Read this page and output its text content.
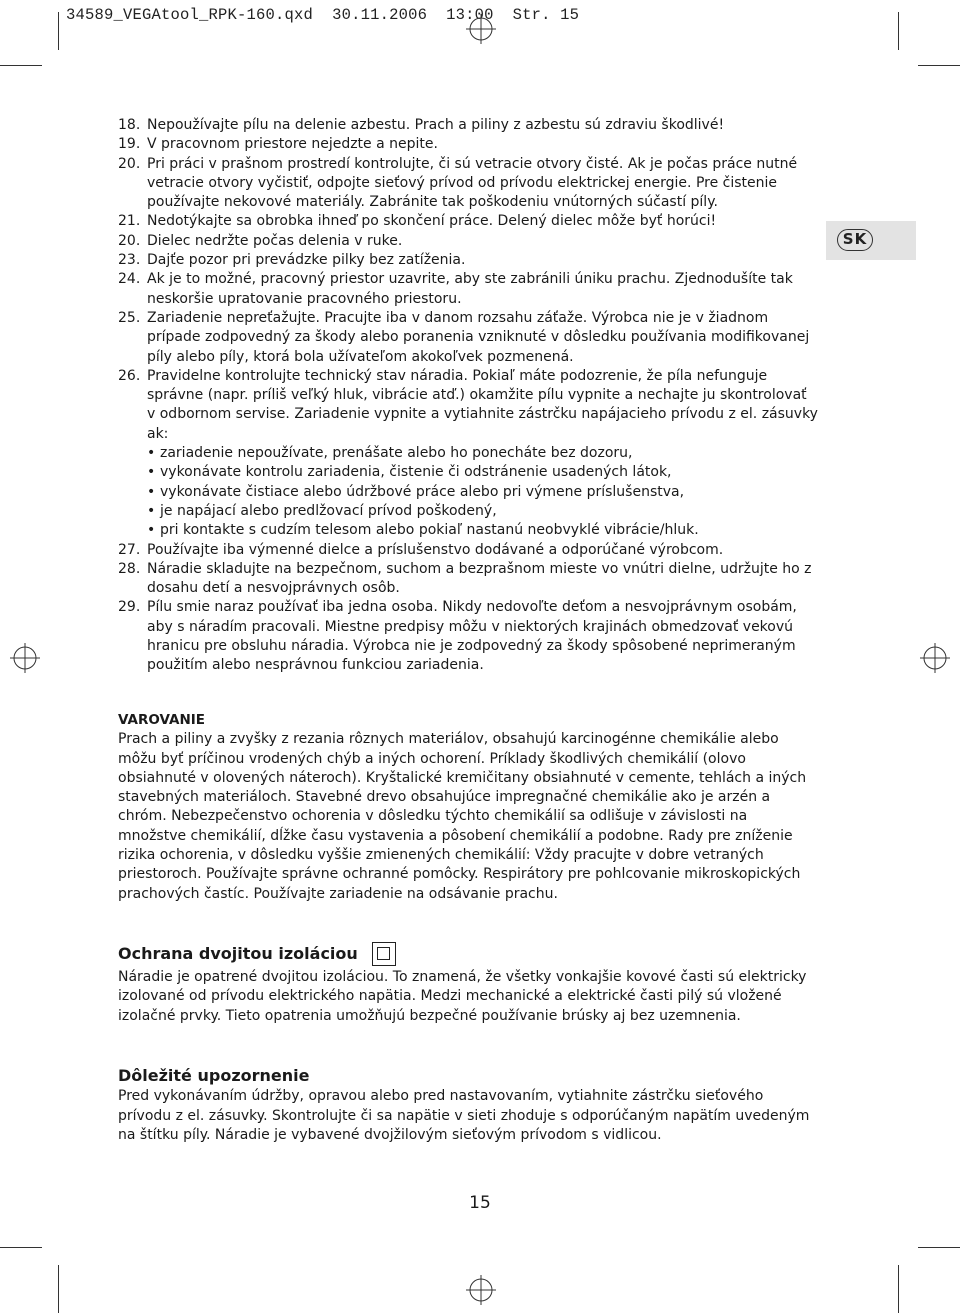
34589_VEGAtool_RPK-160.qxd 30.11.2006 13:00 Str. 15
SK

18. Nepoužívajte pílu na delenie azbestu. Prach a piliny z azbestu sú zdraviu škodlivé!

19. V pracovnom priestore nejedzte a nepite.

20. Pri práci v prašnom prostredí kontrolujte, či sú vetracie otvory čisté. Ak je počas práce nutné vetracie otvory vyčistiť, odpojte sieťový prívod od prívodu elektrickej energie. Pre čistenie používajte nekovové materiály. Zabránite tak poškodeniu vnútorných súčastí píly.

21. Nedotýkajte sa obrobka ihneď po skončení práce. Delený dielec môže byť horúci!

20. Dielec nedržte počas delenia v ruke.

23. Dajťe pozor pri prevádzke pilky bez zatíženia.

24. Ak je to možné, pracovný priestor uzavrite, aby ste zabránili úniku prachu. Zjednodušíte tak neskoršie upratovanie pracovného priestoru.

25. Zariadenie nepreťažujte. Pracujte iba v danom rozsahu záťaže. Výrobca nie je v žiadnom prípade zodpovedný za škody alebo poranenia vzniknuté v dôsledku používania modifikovanej píly alebo píly, ktorá bola užívateľom akokoľvek pozmenená.

26. Pravidelne kontrolujte technický stav náradia. Pokiaľ máte podozrenie, že píla nefunguje správne (napr. príliš veľký hluk, vibrácie atď.) okamžite pílu vypnite a nechajte ju skontrolovať v odbornom servise. Zariadenie vypnite a vytiahnite zástrčku napájacieho prívodu z el. zásuvky ak:

• zariadenie nepoužívate, prenášate alebo ho ponecháte bez dozoru,

• vykonávate kontrolu zariadenia, čistenie či odstránenie usadených látok,

• vykonávate čistiace alebo údržbové práce alebo pri výmene príslušenstva,

• je napájací alebo predlžovací prívod poškodený,

• pri kontakte s cudzím telesom alebo pokiaľ nastanú neobvyklé vibrácie/hluk.

27. Používajte iba výmenné dielce a príslušenstvo dodávané a odporúčané výrobcom.

28. Náradie skladujte na bezpečnom, suchom a bezprašnom mieste vo vnútri dielne, udržujte ho z dosahu detí a nesvojprávnych osôb.

29. Pílu smie naraz používať iba jedna osoba. Nikdy nedovoľte deťom a nesvojprávnym osobám, aby s náradím pracovali. Miestne predpisy môžu v niektorých krajinách obmedzovať vekovú hranicu pre obsluhu náradia. Výrobca nie je zodpovedný za škody spôsobené neprimeraným použitím alebo nesprávnou funkciou zariadenia.

VAROVANIE

Prach a piliny a zvyšky z rezania rôznych materiálov, obsahujú karcinogénne chemikálie alebo môžu byť príčinou vrodených chýb a iných ochorení. Príklady škodlivých chemikálií (olovo obsiahnuté v olovených náteroch). Kryštalické kremičitany obsiahnuté v cemente, tehlách a iných stavebných materiáloch. Stavebné drevo obsahujúce impregnačné chemikálie ako je arzén a chróm. Nebezpečenstvo ochorenia v dôsledku týchto chemikálií sa odlišuje v závislosti na množstve chemikálií, dĺžke času vystavenia a pôsobení chemikálií a podobne. Rady pre zníženie rizika ochorenia, v dôsledku vyššie zmienených chemikálií: Vždy pracujte v dobre vetraných priestoroch. Používajte správne ochranné pomôcky. Respirátory pre pohlcovanie mikroskopických prachových častíc. Používajte zariadenie na odsávanie prachu.

Ochrana dvojitou izoláciou

Náradie je opatrené dvojitou izoláciou. To znamená, že všetky vonkajšie kovové časti sú elektricky izolované od prívodu elektrického napätia. Medzi mechanické a elektrické časti pilý sú vložené izolačné prvky. Tieto opatrenia umožňujú bezpečné používanie brúsky aj bez uzemnenia.

Dôležité upozornenie

Pred vykonávaním údržby, opravou alebo pred nastavovaním, vytiahnite zástrčku sieťového prívodu z el. zásuvky. Skontrolujte či sa napätie v sieti zhoduje s odporúčaným napätím uvedeným na štítku píly. Náradie je vybavené dvojžilovým sieťovým prívodom s vidlicou.

15
